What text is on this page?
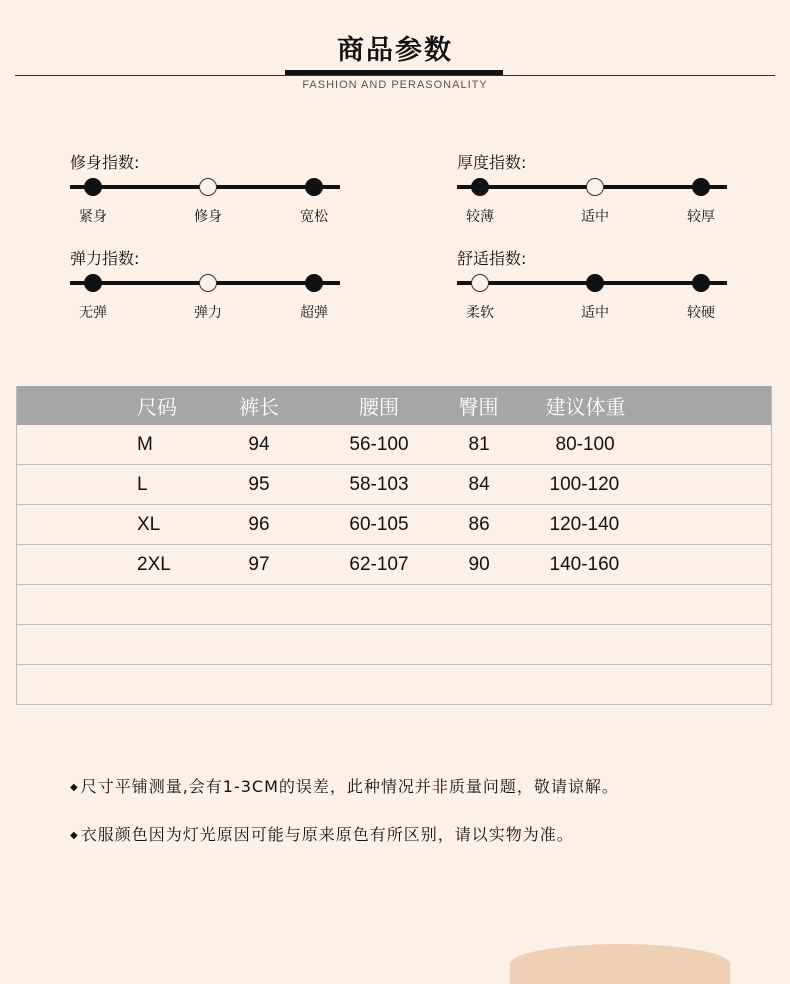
商品参数
FASHION AND PERASONALITY
修身指数:
紧身	修身	宽松
厚度指数:
较薄	适中	较厚
弹力指数:
无弹	弹力	超弹
舒适指数:
柔软	适中	较硬
尺码	裤长	腰围	臀围	建议体重
M	94	56-100	81	80-100
L	95	58-103	84	100-120
XL	96	60-105	86	120-140
2XL	97	62-107	90	140-160

◆ 尺寸平铺测量,会有1-3CM的误差，此种情况并非质量问题，敬请谅解。
◆ 衣服颜色因为灯光原因可能与原来原色有所区别，请以实物为准。
